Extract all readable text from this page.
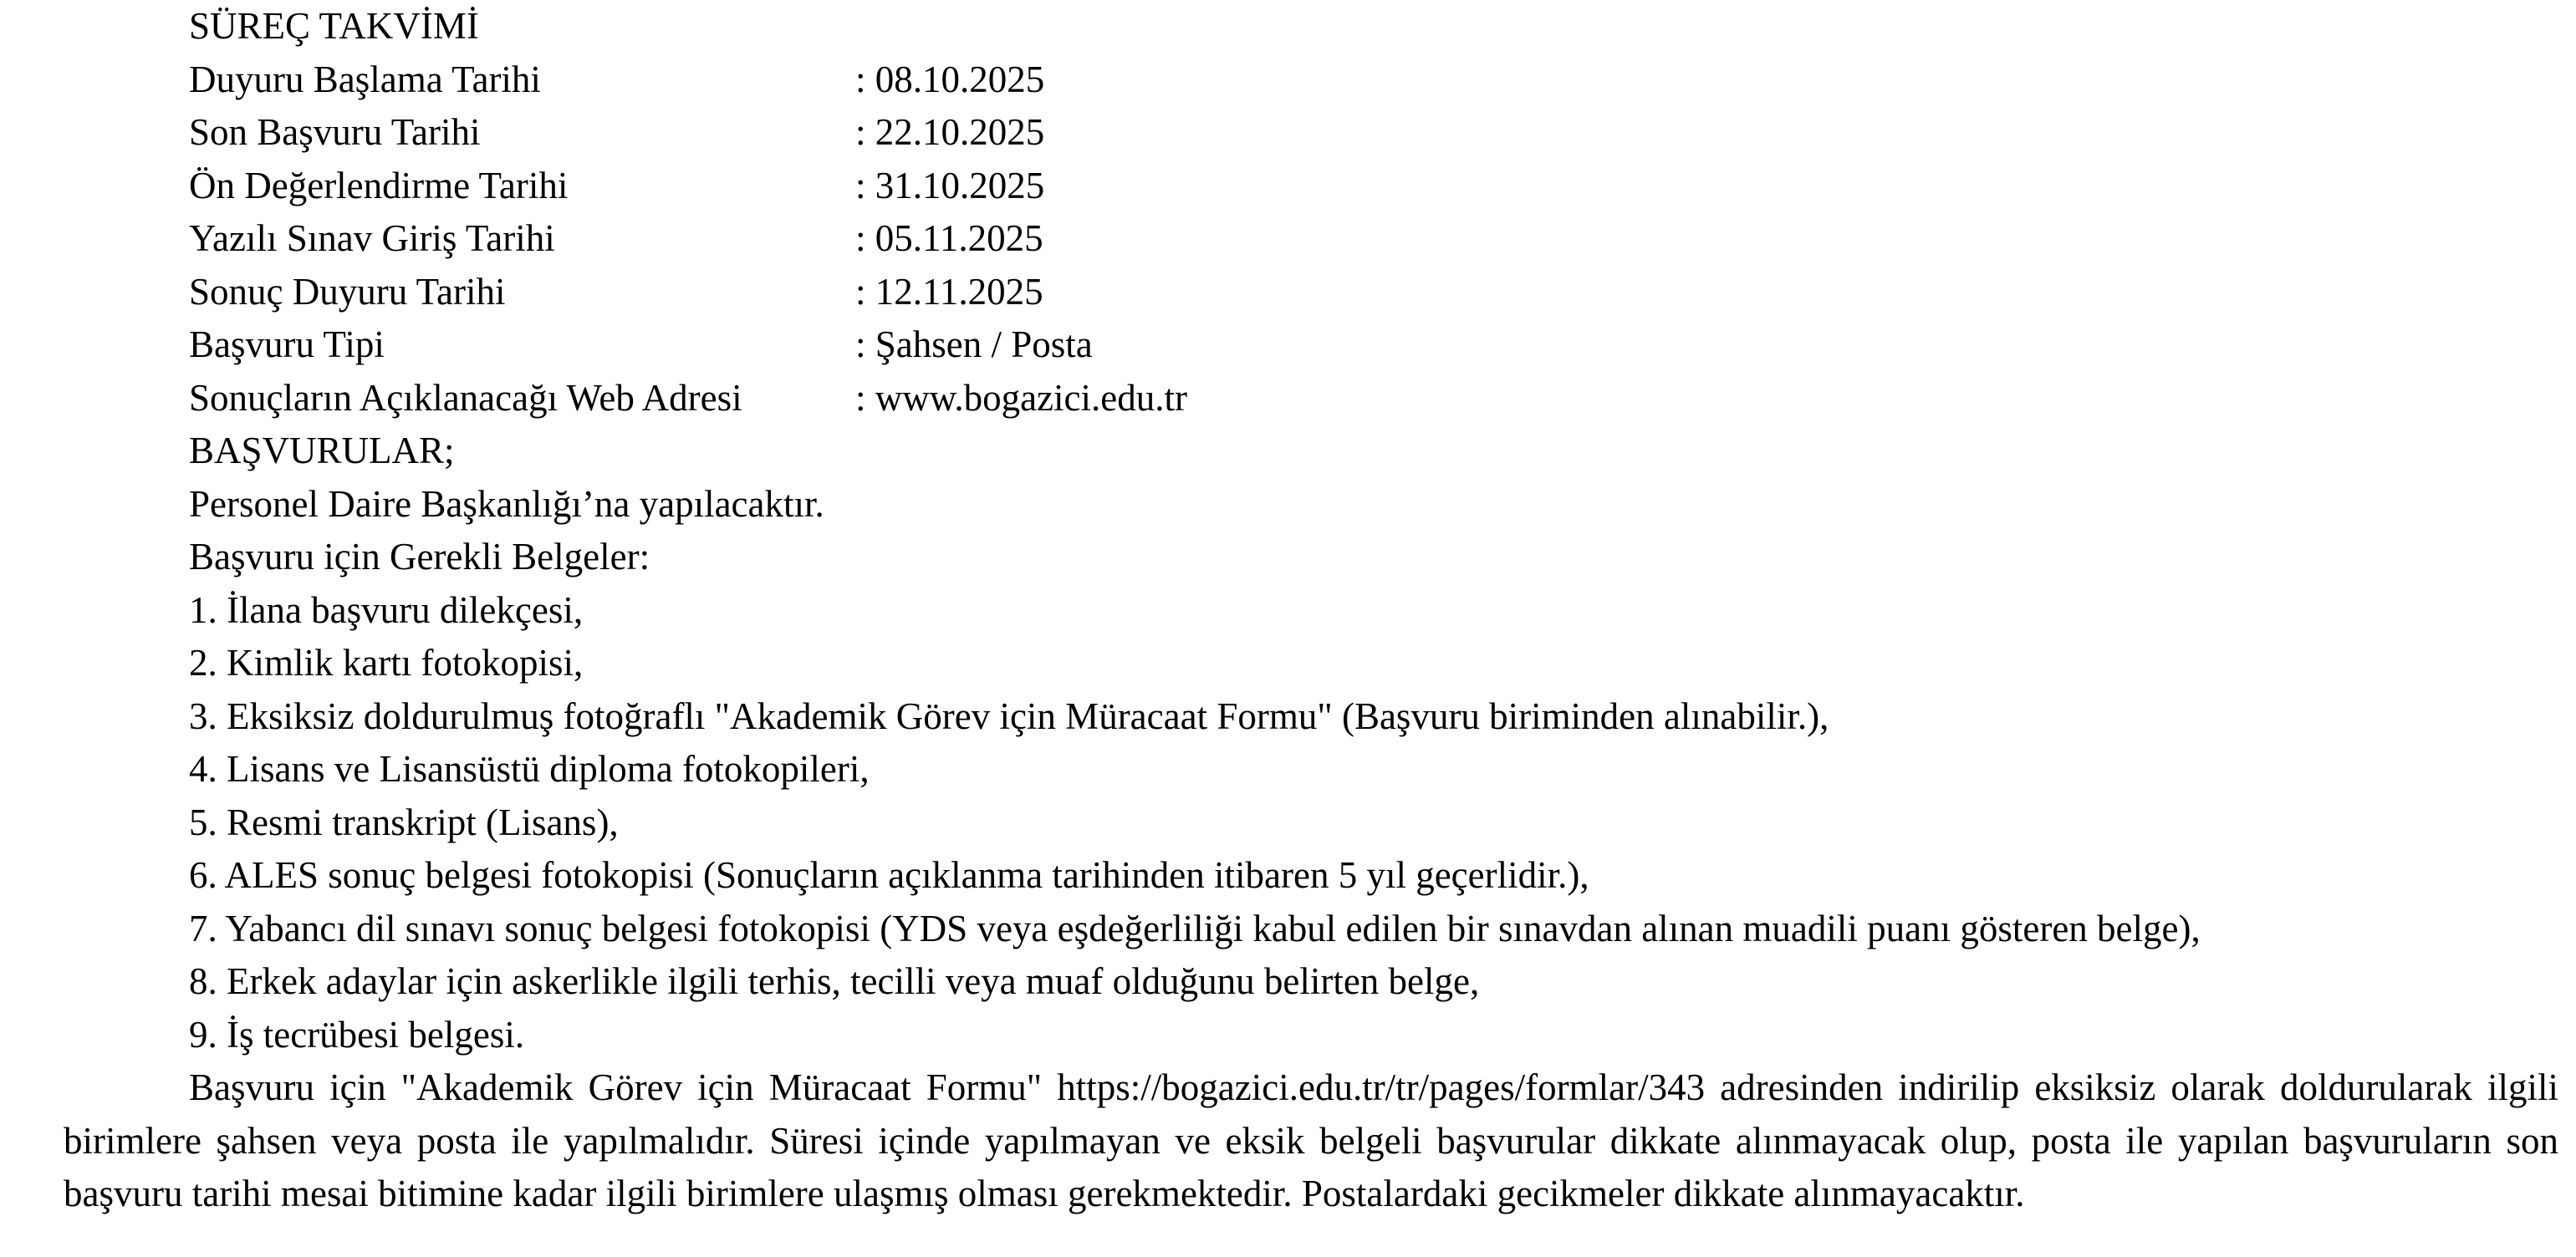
SÜREÇ TAKVİMİ
Duyuru Başlama Tarihi	: 08.10.2025
Son Başvuru Tarihi	: 22.10.2025
Ön Değerlendirme Tarihi	: 31.10.2025
Yazılı Sınav Giriş Tarihi	: 05.11.2025
Sonuç Duyuru Tarihi	: 12.11.2025
Başvuru Tipi	: Şahsen / Posta
Sonuçların Açıklanacağı Web Adresi	: www.bogazici.edu.tr
BAŞVURULAR;
Personel Daire Başkanlığı’na yapılacaktır.
Başvuru için Gerekli Belgeler:
1. İlana başvuru dilekçesi,
2. Kimlik kartı fotokopisi,
3. Eksiksiz doldurulmuş fotoğraflı "Akademik Görev için Müracaat Formu" (Başvuru biriminden alınabilir.),
4. Lisans ve Lisansüstü diploma fotokopileri,
5. Resmi transkript (Lisans),
6. ALES sonuç belgesi fotokopisi (Sonuçların açıklanma tarihinden itibaren 5 yıl geçerlidir.),
7. Yabancı dil sınavı sonuç belgesi fotokopisi (YDS veya eşdeğerliliği kabul edilen bir sınavdan alınan muadili puanı gösteren belge),
8. Erkek adaylar için askerlikle ilgili terhis, tecilli veya muaf olduğunu belirten belge,
9. İş tecrübesi belgesi.
Başvuru için "Akademik Görev için Müracaat Formu" https://bogazici.edu.tr/tr/pages/formlar/343 adresinden indirilip eksiksiz olarak doldurularak ilgili birimlere şahsen veya posta ile yapılmalıdır. Süresi içinde yapılmayan ve eksik belgeli başvurular dikkate alınmayacak olup, posta ile yapılan başvuruların son başvuru tarihi mesai bitimine kadar ilgili birimlere ulaşmış olması gerekmektedir. Postalardaki gecikmeler dikkate alınmayacaktır.
